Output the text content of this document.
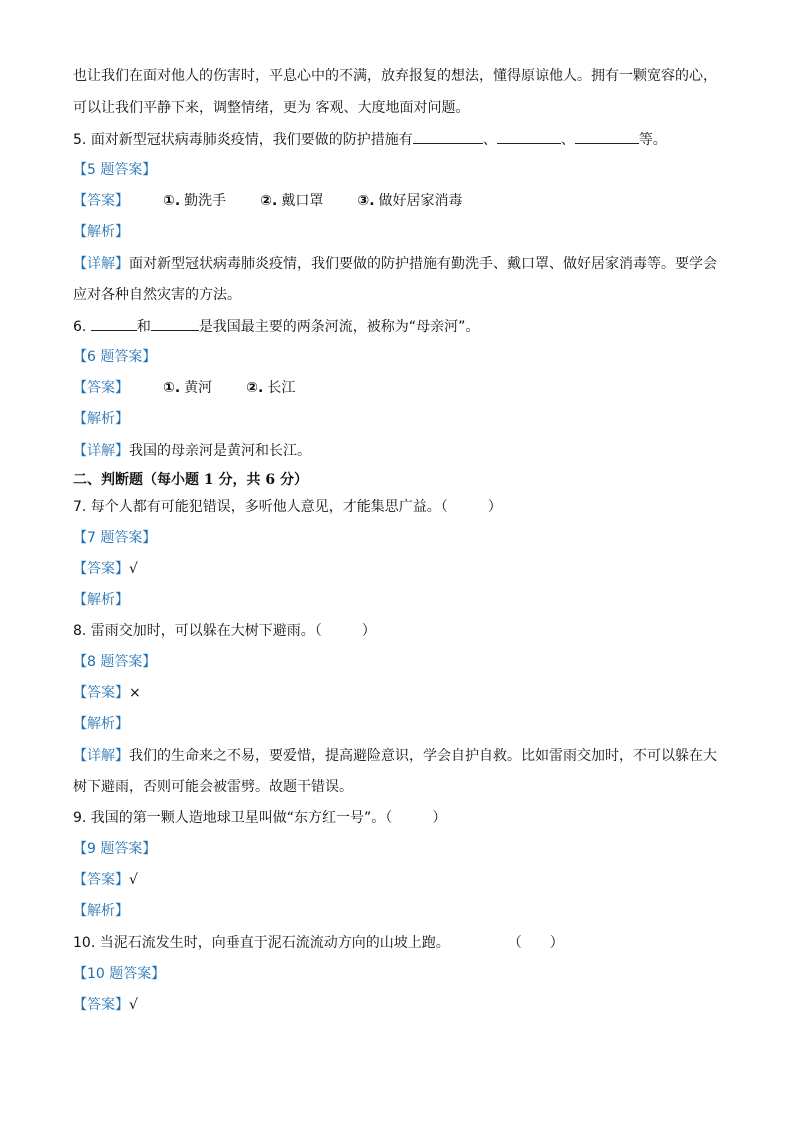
也让我们在面对他人的伤害时，平息心中的不满，放弃报复的想法，懂得原谅他人。拥有一颗宽容的心，
可以让我们平静下来，调整情绪，更为 客观、大度地面对问题。
5. 面对新型冠状病毒肺炎疫情，我们要做的防护措施有	、	、	等。
【5 题答案】
【答案】 ①. 勤洗手 ②. 戴口罩 ③. 做好居家消毒
【解析】
【详解】面对新型冠状病毒肺炎疫情，我们要做的防护措施有勤洗手、戴口罩、做好居家消毒等。要学会
应对各种自然灾害的方法。
6.	和	是我国最主要的两条河流，被称为“母亲河”。
【6 题答案】
【答案】 ①. 黄河 ②. 长江
【解析】
【详解】我国的母亲河是黄河和长江。
二、判断题（每小题 1 分，共 6 分）
7. 每个人都有可能犯错误，多听他人意见，才能集思广益。（	）
【7 题答案】
【答案】√
【解析】
8. 雷雨交加时，可以躲在大树下避雨。（	）
【8 题答案】
【答案】×
【解析】
【详解】我们的生命来之不易，要爱惜，提高避险意识，学会自护自救。比如雷雨交加时，不可以躲在大
树下避雨，否则可能会被雷劈。故题干错误。
9. 我国的第一颗人造地球卫星叫做“东方红一号”。（	）
【9 题答案】
【答案】√
【解析】
10. 当泥石流发生时，向垂直于泥石流流动方向的山坡上跑。	（ ）
【10 题答案】
【答案】√
